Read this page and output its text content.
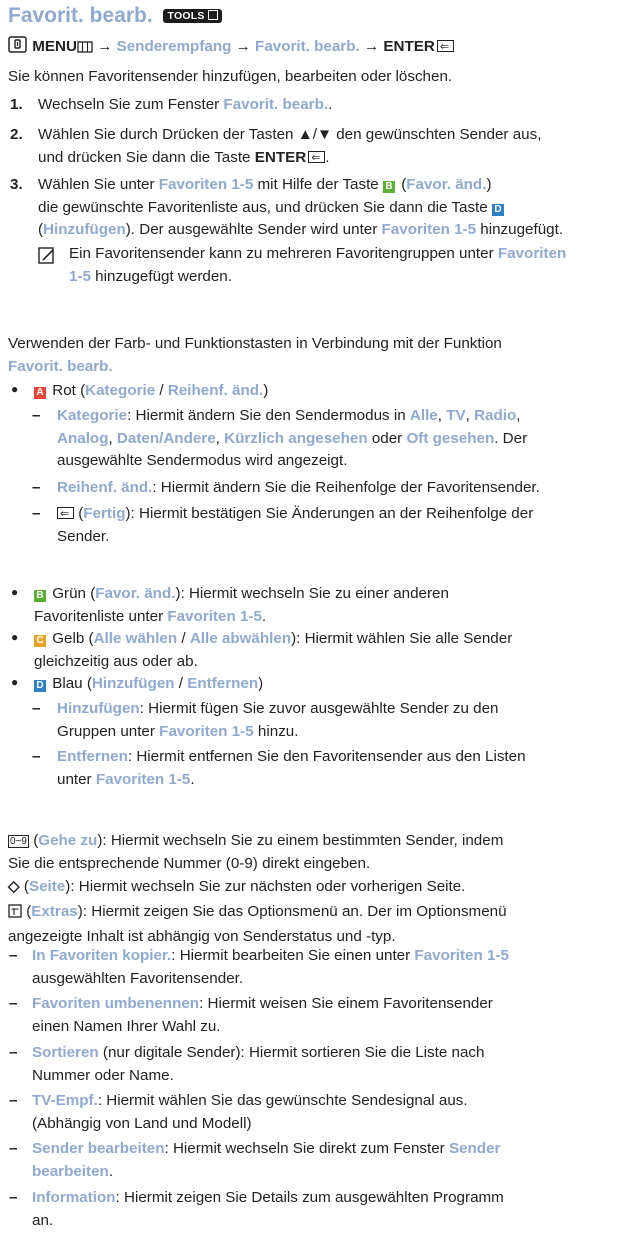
Favorit. bearb. TOOLS
MENU → Senderempfang → Favorit. bearb. → ENTER⇐
Sie können Favoritensender hinzufügen, bearbeiten oder löschen.
1. Wechseln Sie zum Fenster Favorit. bearb..
2. Wählen Sie durch Drücken der Tasten ▲/▼ den gewünschten Sender aus,
und drücken Sie dann die Taste ENTER ⇐ .
3. Wählen Sie unter Favoriten 1-5 mit Hilfe der Taste B (Favor. änd.)
die gewünschte Favoritenliste aus, und drücken Sie dann die Taste D
(Hinzufügen). Der ausgewählte Sender wird unter Favoriten 1-5 hinzugefügt.
Ein Favoritensender kann zu mehreren Favoritengruppen unter Favoriten
1-5 hinzugefügt werden.
Verwenden der Farb- und Funktionstasten in Verbindung mit der Funktion
Favorit. bearb.
● A Rot (Kategorie / Reihenf. änd.)
– Kategorie: Hiermit ändern Sie den Sendermodus in Alle, TV, Radio,
Analog, Daten/Andere, Kürzlich angesehen oder Oft gesehen. Der
ausgewählte Sendermodus wird angezeigt.
– Reihenf. änd.: Hiermit ändern Sie die Reihenfolge der Favoritensender.
– ⇐	(Fertig): Hiermit bestätigen Sie Änderungen an der Reihenfolge der
Sender.
● B Grün (Favor. änd.): Hiermit wechseln Sie zu einer anderen
Favoritenliste unter Favoriten 1-5.
● C Gelb (Alle wählen / Alle abwählen): Hiermit wählen Sie alle Sender
gleichzeitig aus oder ab.
● D Blau (Hinzufügen / Entfernen)
– Hinzufügen: Hiermit fügen Sie zuvor ausgewählte Sender zu den
Gruppen unter Favoriten 1-5 hinzu.
– Entfernen: Hiermit entfernen Sie den Favoritensender aus den Listen
unter Favoriten 1-5.
0~9 (Gehe zu): Hiermit wechseln Sie zu einem bestimmten Sender, indem
Sie die entsprechende Nummer (0-9) direkt eingeben.
◇ (Seite): Hiermit wechseln Sie zur nächsten oder vorherigen Seite.
(Extras): Hiermit zeigen Sie das Optionsmenü an. Der im Optionsmenü
angezeigte Inhalt ist abhängig von Senderstatus und -typ.
– In Favoriten kopier.: Hiermit bearbeiten Sie einen unter Favoriten 1-5
ausgewählten Favoritensender.
– Favoriten umbenennen: Hiermit weisen Sie einem Favoritensender
einen Namen Ihrer Wahl zu.
– Sortieren (nur digitale Sender): Hiermit sortieren Sie die Liste nach
Nummer oder Name.
– TV-Empf.: Hiermit wählen Sie das gewünschte Sendesignal aus.
(Abhängig von Land und Modell)
– Sender bearbeiten: Hiermit wechseln Sie direkt zum Fenster Sender
bearbeiten.
– Information: Hiermit zeigen Sie Details zum ausgewählten Programm
an.
